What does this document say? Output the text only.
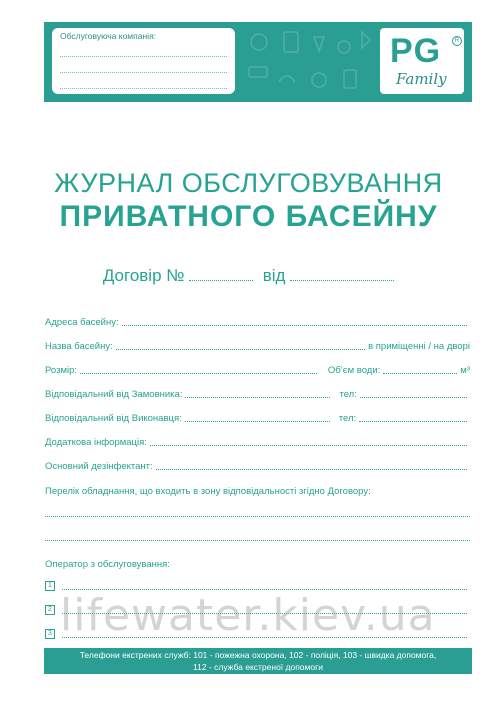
Обслуговуюча компанія:	PG	R
Family
ЖУРНАЛ ОБСЛУГОВУВАННЯ
ПРИВАТНОГО БАСЕЙНУ
Договір №	від
Адреса басейну:
Назва басейну:	в приміщенні / на дворі
Розмір:	Об’єм води:	м³
Відповідальний від Замовника:	тел:
Відповідальний від Виконавця:	тел:
Додаткова інформація:
Основний дезінфектант:
Перелік обладнання, що входить в зону відповідальності згідно Договору:
Оператор з обслуговування:
1
2
3 lifewater.kiev.ua
Телефони екстрених служб: 101 - пожежна охорона, 102 - поліція, 103 - швидка допомога,
112 - служба екстреної допомоги
